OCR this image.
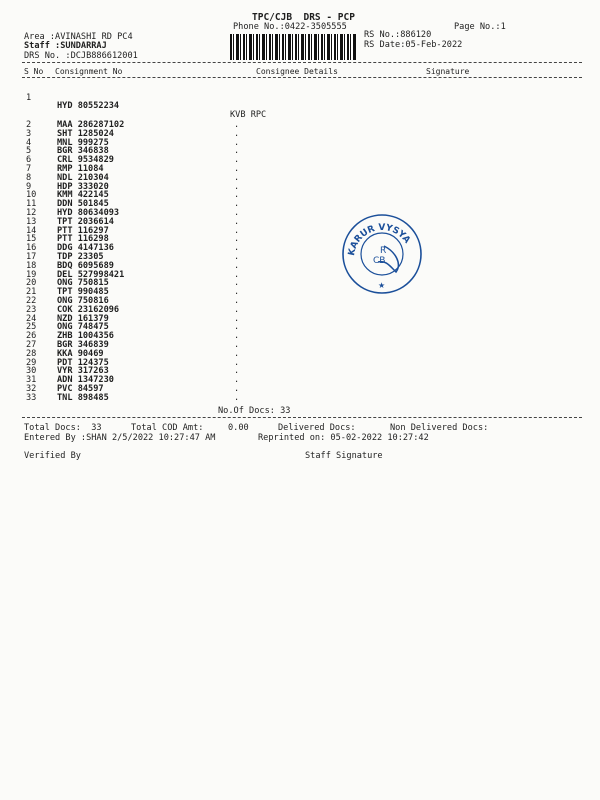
TPC/CJB  DRS - PCP
Phone No.:0422-3505555	Page No.:1
Area :AVINASHI RD PC4
Staff :SUNDARRAJ
DRS No. :DCJB886612001
RS No.:886120
RS Date:05-Feb-2022
S No Consignment No	Consignee Details	Signature

1

HYD 80552234

KVB RPC

2	MAA 286287102	.
3	SHT 1285024	.
4	MNL 999275	.
5	BGR 346838	.
6	CRL 9534829	.
7	RMP 11084	.
8	NDL 210304	.
9	HDP 333020	.
10 KMM 422145	.
11 DDN 501845	.
12 HYD 80634093	.
13 TPT 2036614	.
14 PTT 116297	.
15 PTT 116298	.
16 DDG 4147136	.
17 TDP 23305	.
18 BDQ 6095689	.
19 DEL 527998421	.
20 ONG 750815	.
21 TPT 990485	.
22 ONG 750816	.
23 COK 23162096	.
24 NZD 161379	.
25 ONG 748475	.
26 ZHB 1004356	.
27 BGR 346839	.
28 KKA 90469	.
29 PDT 124375	.
30 VYR 317263	.
31 ADN 1347230	.
32 PVC 84597	.
33 TNL 898485	.
No.Of Docs: 33
Total Docs:  33	Total COD Amt:	0.00	Delivered Docs:	Non Delivered Docs:
Entered By :SHAN 2/5/2022 10:27:47 AM	Reprinted on: 05-02-2022 10:27:42
Verified By	Staff Signature
KARUR VYSYA
R
CB
★
